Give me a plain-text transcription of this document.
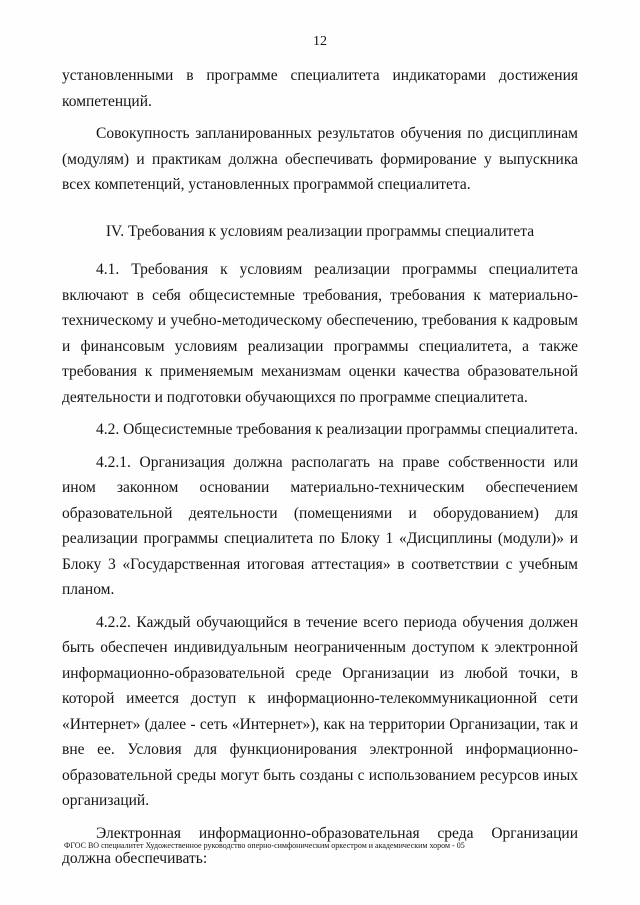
12

установленными в программе специалитета индикаторами достижения компетенций.

Совокупность запланированных результатов обучения по дисциплинам (модулям) и практикам должна обеспечивать формирование у выпускника всех компетенций, установленных программой специалитета.

IV. Требования к условиям реализации программы специалитета

4.1. Требования к условиям реализации программы специалитета включают в себя общесистемные требования, требования к материально-техническому и учебно-методическому обеспечению, требования к кадровым и финансовым условиям реализации программы специалитета, а также требования к применяемым механизмам оценки качества образовательной деятельности и подготовки обучающихся по программе специалитета.

4.2. Общесистемные требования к реализации программы специалитета.

4.2.1. Организация должна располагать на праве собственности или ином законном основании материально-техническим обеспечением образовательной деятельности (помещениями и оборудованием) для реализации программы специалитета по Блоку 1 «Дисциплины (модули)» и Блоку 3 «Государственная итоговая аттестация» в соответствии с учебным планом.

4.2.2. Каждый обучающийся в течение всего периода обучения должен быть обеспечен индивидуальным неограниченным доступом к электронной информационно-образовательной среде Организации из любой точки, в которой имеется доступ к информационно-телекоммуникационной сети «Интернет» (далее - сеть «Интернет»), как на территории Организации, так и вне ее. Условия для функционирования электронной информационно-образовательной среды могут быть созданы с использованием ресурсов иных организаций.

Электронная информационно-образовательная среда Организации должна обеспечивать:

ФГОС ВО специалитет Художественное руководство оперно-симфоническим оркестром и академическим хором - 05
